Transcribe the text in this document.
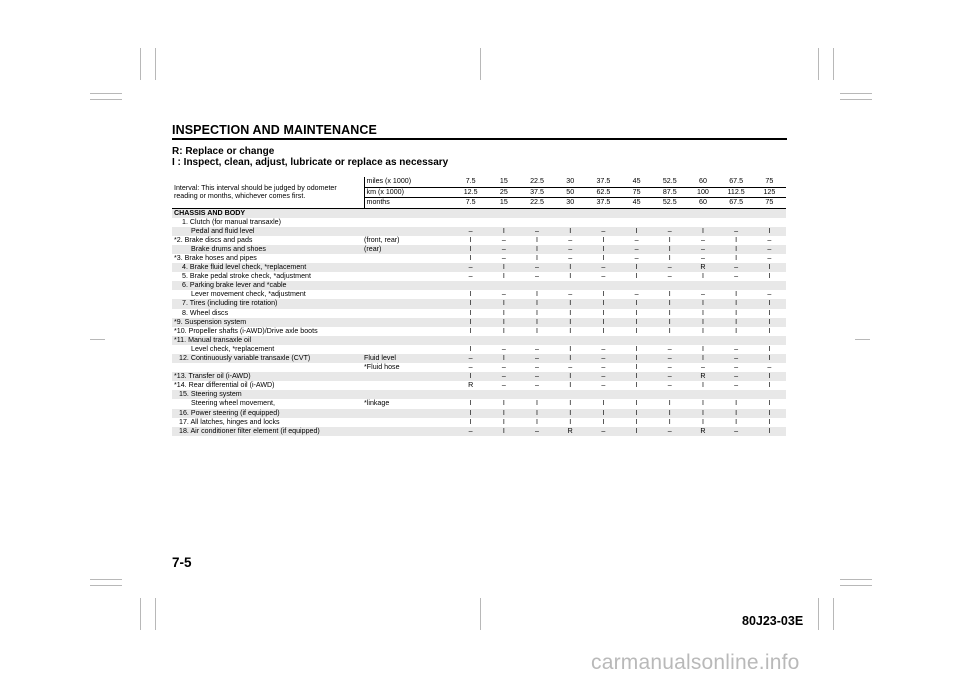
INSPECTION AND MAINTENANCE
R: Replace or change
I : Inspect, clean, adjust, lubricate or replace as necessary
Interval: This interval should be judged by odometer reading or months, whichever comes first.	miles (x 1000)	7.5	15	22.5	30	37.5	45	52.5	60	67.5	75
	km (x 1000)	12.5	25	37.5	50	62.5	75	87.5	100	112.5	125
	months	7.5	15	22.5	30	37.5	45	52.5	60	67.5	75
CHASSIS AND BODY											
1. Clutch (for manual transaxle)											
Pedal and fluid level		–	I	–	I	–	I	–	I	–	I
*2. Brake discs and pads	(front, rear)	I	–	I	–	I	–	I	–	I	–
Brake drums and shoes	(rear)	I	–	I	–	I	–	I	–	I	–
*3. Brake hoses and pipes		I	–	I	–	I	–	I	–	I	–
4. Brake fluid level check, *replacement		–	I	–	I	–	I	–	R	–	I
5. Brake pedal stroke check, *adjustment		–	I	–	I	–	I	–	I	–	I
6. Parking brake lever and *cable											
Lever movement check, *adjustment		I	–	I	–	I	–	I	–	I	–
7. Tires (including tire rotation)		I	I	I	I	I	I	I	I	I	I
8. Wheel discs		I	I	I	I	I	I	I	I	I	I
*9. Suspension system		I	I	I	I	I	I	I	I	I	I
*10. Propeller shafts (i-AWD)/Drive axle boots		I	I	I	I	I	I	I	I	I	I
*11. Manual transaxle oil											
Level check, *replacement		I	–	–	I	–	I	–	I	–	I
12. Continuously variable transaxle (CVT)	Fluid level	–	I	–	I	–	I	–	I	–	I
	*Fluid hose	–	–	–	–	–	I	–	–	–	–
*13. Transfer oil (i-AWD)		I	–	–	I	–	I	–	R	–	I
*14. Rear differential oil (i-AWD)		R	–	–	I	–	I	–	I	–	I
15. Steering system											
Steering wheel movement,	*linkage	I	I	I	I	I	I	I	I	I	I
16. Power steering (if equipped)		I	I	I	I	I	I	I	I	I	I
17. All latches, hinges and locks		I	I	I	I	I	I	I	I	I	I
18. Air conditioner filter element (if equipped)		–	I	–	R	–	I	–	R	–	I
7-5
80J23-03E
carmanualsonline.info
